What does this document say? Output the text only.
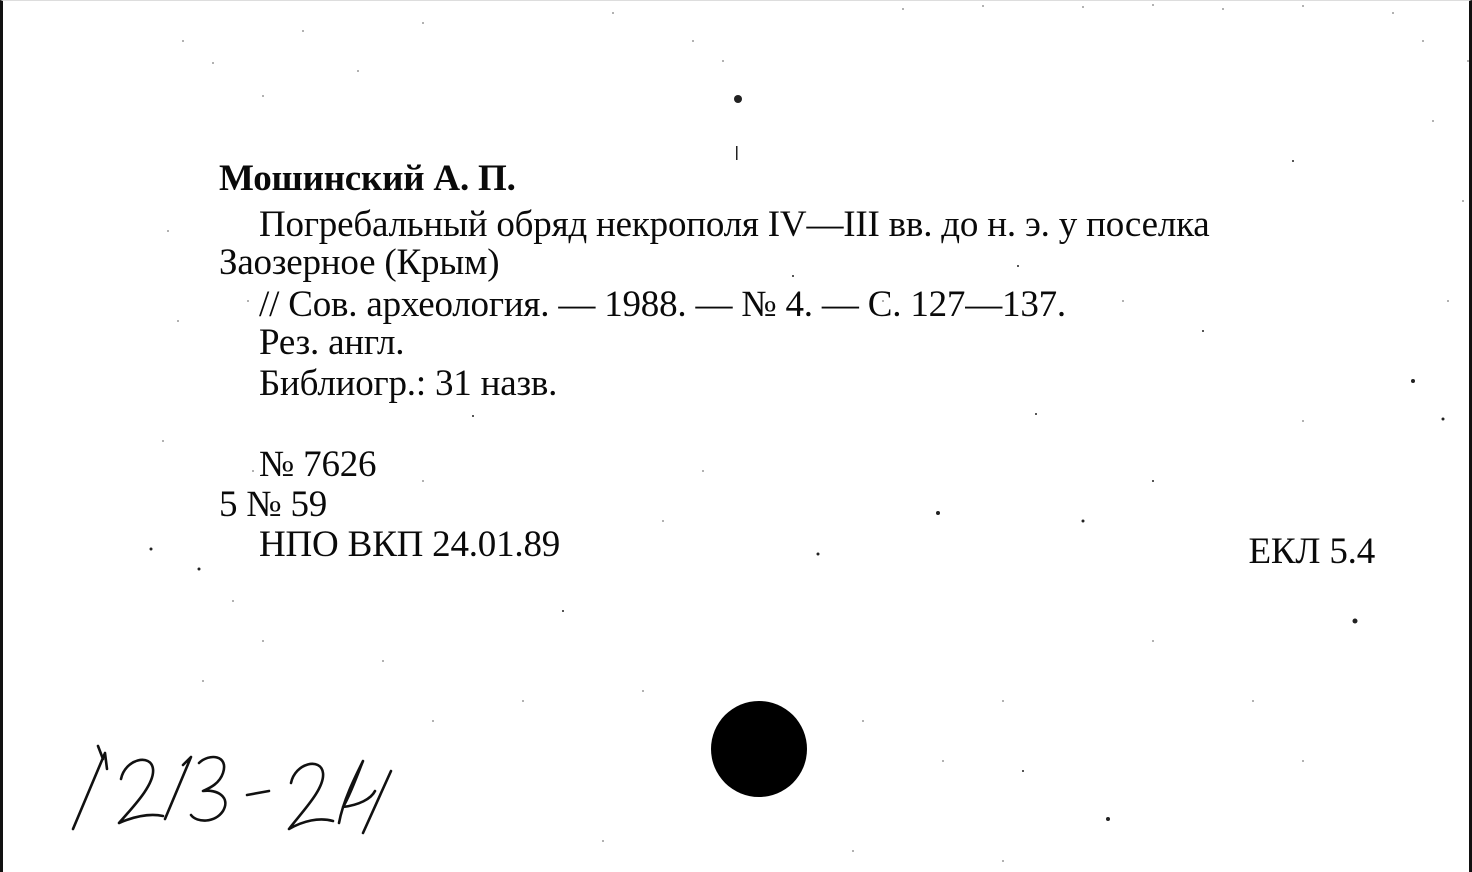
Мошинский А. П.
Погребальный обряд некрополя IV—III вв. до н. э. у поселка
Заозерное (Крым)
// Сов. археология. — 1988. — № 4. — С. 127—137.
Рез. англ.
Библиогр.: 31 назв.
№ 7626
5 № 59
НПО ВКП 24.01.89	ЕКЛ 5.4
